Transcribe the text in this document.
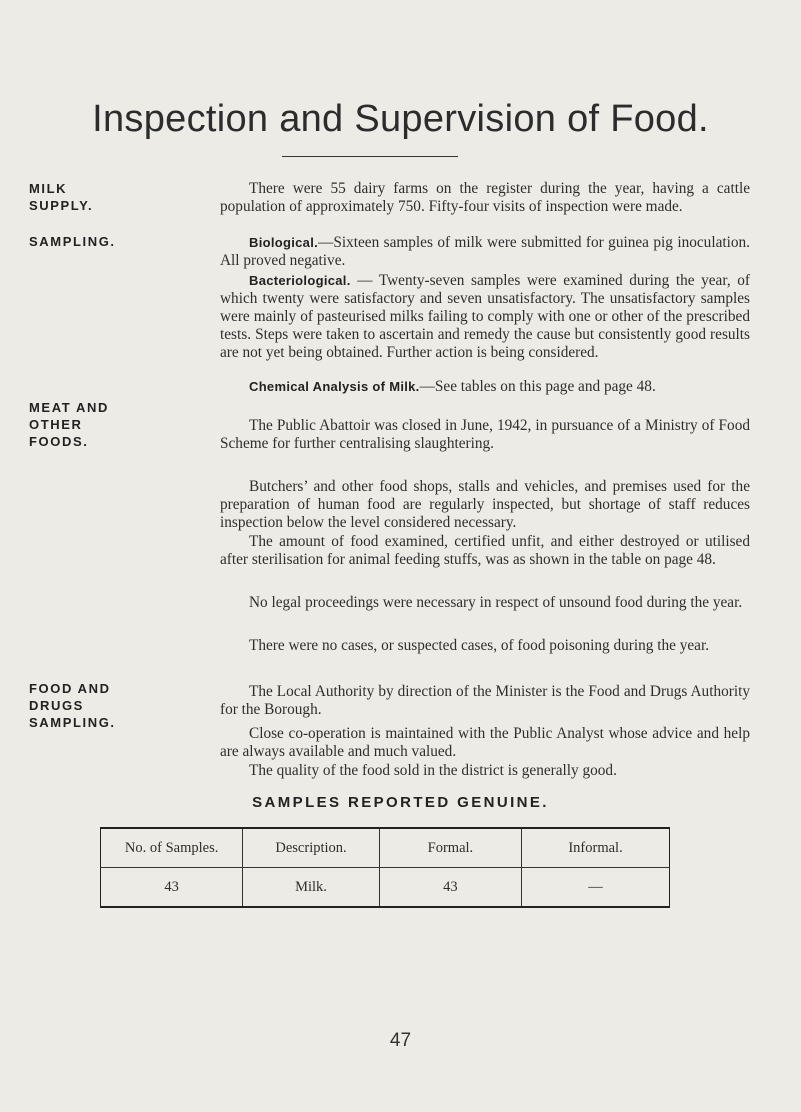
Inspection and Supervision of Food.
MILK
SUPPLY.
SAMPLING.
MEAT AND
OTHER FOODS.
FOOD AND
DRUGS
SAMPLING.
There were 55 dairy farms on the register during the year, having a cattle population of approximately 750. Fifty-four visits of inspection were made.
Biological.—Sixteen samples of milk were submitted for guinea pig inoculation. All proved negative.
Bacteriological. — Twenty-seven samples were examined during the year, of which twenty were satisfactory and seven unsatisfactory. The unsatisfactory samples were mainly of pasteurised milks failing to comply with one or other of the prescribed tests. Steps were taken to ascertain and remedy the cause but consistently good results are not yet being obtained. Further action is being considered.
Chemical Analysis of Milk.—See tables on this page and page 48.
The Public Abattoir was closed in June, 1942, in pursuance of a Ministry of Food Scheme for further centralising slaughtering.
Butchers’ and other food shops, stalls and vehicles, and premises used for the preparation of human food are regularly inspected, but shortage of staff reduces inspection below the level considered necessary.
The amount of food examined, certified unfit, and either destroyed or utilised after sterilisation for animal feeding stuffs, was as shown in the table on page 48.
No legal proceedings were necessary in respect of unsound food during the year.
There were no cases, or suspected cases, of food poisoning during the year.
The Local Authority by direction of the Minister is the Food and Drugs Authority for the Borough.
Close co-operation is maintained with the Public Analyst whose advice and help are always available and much valued.
SAMPLES REPORTED GENUINE.
No. of Samples.	Description.	Formal.	Informal.
43	Milk.	43	—
47
The quality of the food sold in the district is generally good.
